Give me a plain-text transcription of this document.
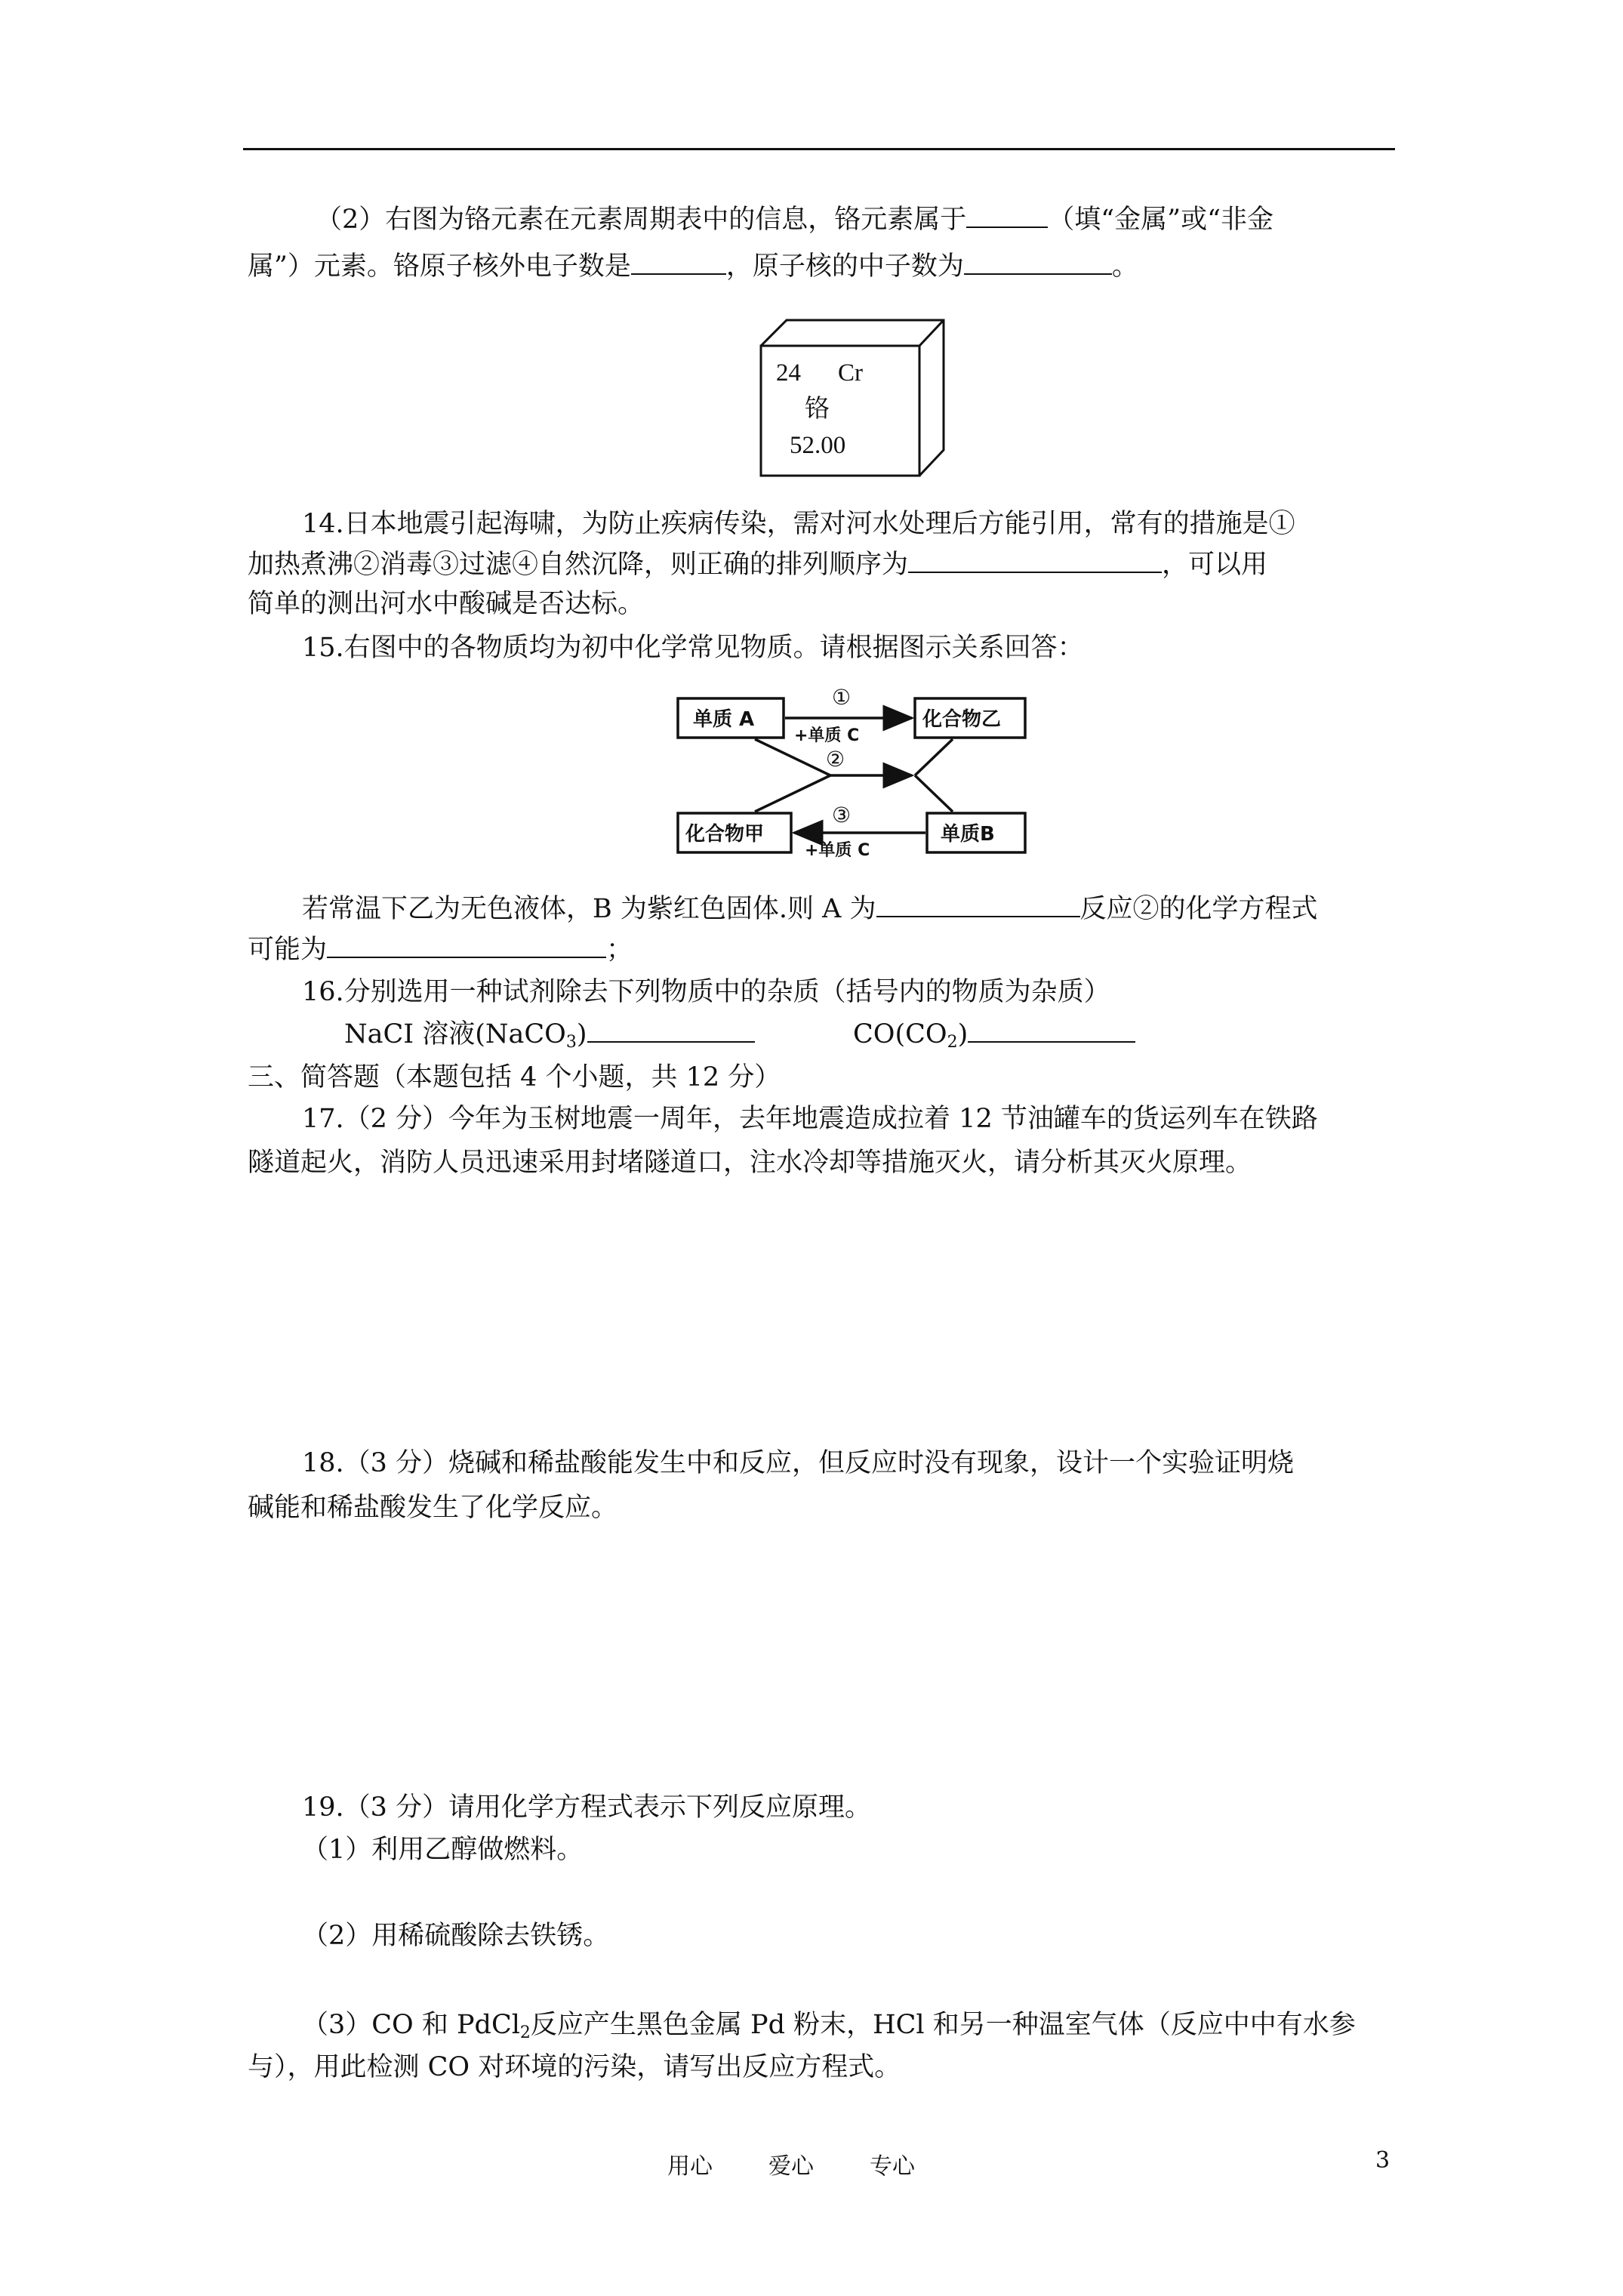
（2）右图为铬元素在元素周期表中的信息，铬元素属于	（填“金属”或“非金
属”）元素。铬原子核外电子数是	，原子核的中子数为	。
24 Cr
铬
52.00
14.日本地震引起海啸，为防止疾病传染，需对河水处理后方能引用，常有的措施是①
加热煮沸②消毒③过滤④自然沉降，则正确的排列顺序为	，可以用
简单的测出河水中酸碱是否达标。
15.右图中的各物质均为初中化学常见物质。请根据图示关系回答：
单质 A	化合物乙
化合物甲	单质B
①
+单质 C
②
③
+单质 C
若常温下乙为无色液体，B 为紫红色固体.则 A 为	反应②的化学方程式
可能为	；
16.分别选用一种试剂除去下列物质中的杂质（括号内的物质为杂质）
NaCI 溶液(NaCO$_3$)	$CO(CO_2)$
三、简答题（本题包括 4 个小题，共 12 分）
17.（2 分）今年为玉树地震一周年，去年地震造成拉着 12 节油罐车的货运列车在铁路
隧道起火，消防人员迅速采用封堵隧道口，注水冷却等措施灭火，请分析其灭火原理。
18.（3 分）烧碱和稀盐酸能发生中和反应，但反应时没有现象，设计一个实验证明烧
碱能和稀盐酸发生了化学反应。
19.（3 分）请用化学方程式表示下列反应原理。
（1）利用乙醇做燃料。
（2）用稀硫酸除去铁锈。
（3）CO 和 PdCl$_2$反应产生黑色金属 Pd 粉末，HCl 和另一种温室气体（反应中中有水参
与），用此检测 CO 对环境的污染，请写出反应方程式。
用心 爱心 专心	3
